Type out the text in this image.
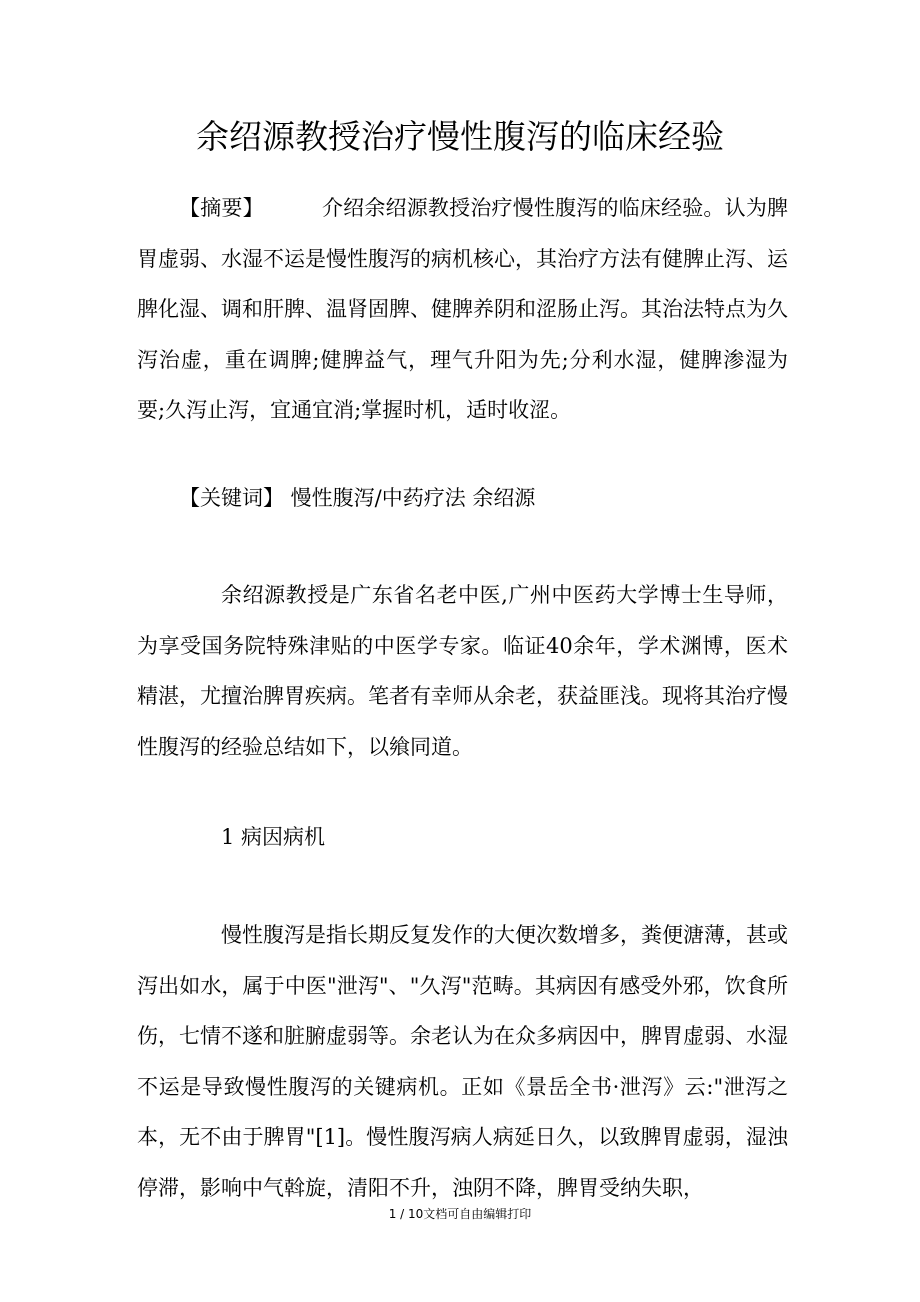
余绍源教授治疗慢性腹泻的临床经验

【摘要】	介绍余绍源教授治疗慢性腹泻的临床经验。认为脾胃虚弱、水湿不运是慢性腹泻的病机核心，其治疗方法有健脾止泻、运脾化湿、调和肝脾、温肾固脾、健脾养阴和涩肠止泻。其治法特点为久泻治虚，重在调脾;健脾益气，理气升阳为先;分利水湿，健脾渗湿为要;久泻止泻，宜通宜消;掌握时机，适时收涩。

【关键词】 慢性腹泻/中药疗法 余绍源

余绍源教授是广东省名老中医,广州中医药大学博士生导师，为享受国务院特殊津贴的中医学专家。临证40余年，学术渊博，医术精湛，尤擅治脾胃疾病。笔者有幸师从余老，获益匪浅。现将其治疗慢性腹泻的经验总结如下，以飨同道。

1 病因病机

慢性腹泻是指长期反复发作的大便次数增多，粪便溏薄，甚或泻出如水，属于中医"泄泻"、"久泻"范畴。其病因有感受外邪，饮食所伤，七情不遂和脏腑虚弱等。余老认为在众多病因中，脾胃虚弱、水湿不运是导致慢性腹泻的关键病机。正如《景岳全书·泄泻》云:"泄泻之本，无不由于脾胃"[1]。慢性腹泻病人病延日久，以致脾胃虚弱，湿浊停滞，影响中气斡旋，清阳不升，浊阴不降，脾胃受纳失职，

1 / 10文档可自由编辑打印
